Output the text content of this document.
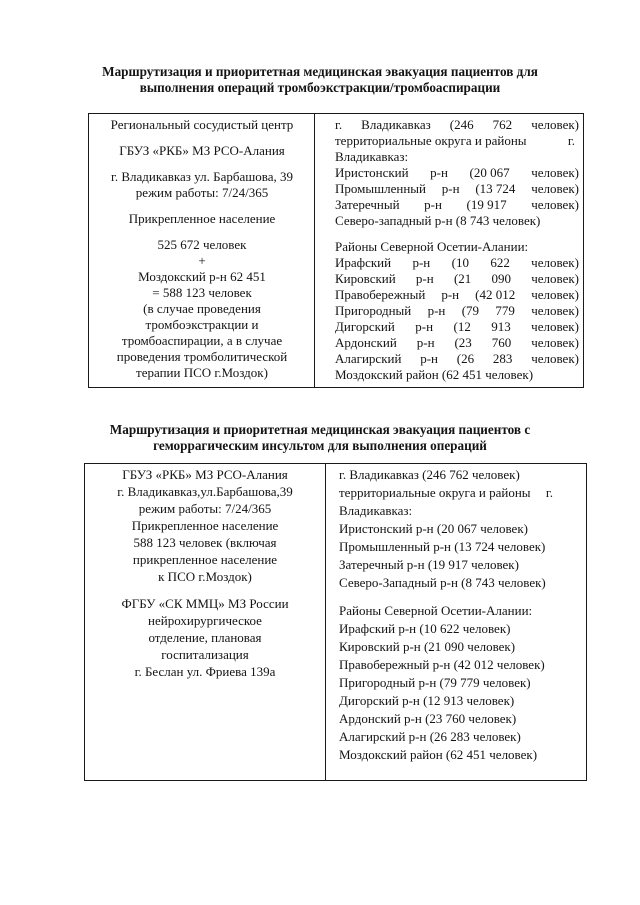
Маршрутизация и приоритетная медицинская эвакуация пациентов для
выполнения операций тромбоэкстракции/тромбоаспирации
Региональный сосудистый центр
ГБУЗ «РКБ» МЗ РСО-Алания
г. Владикавказ ул. Барбашова, 39
режим работы: 7/24/365
Прикрепленное население
525 672 человек
+
Моздокский р-н 62 451
= 588 123 человек
(в случае проведения
тромбоэкстракции и
тромбоаспирации, а в случае
проведения тромболитической
терапии ПСО г.Моздок)
г. Владикавказ (246 762 человек)
территориальные округа и районы	г.
Владикавказ:
Иристонский р-н (20 067 человек)
Промышленный р-н (13 724 человек)
Затеречный р-н (19 917 человек)
Северо-западный р-н (8 743 человек)
Районы Северной Осетии-Алании:
Ирафский р-н (10 622 человек)
Кировский р-н (21 090 человек)
Правобережный р-н (42 012 человек)
Пригородный р-н (79 779 человек)
Дигорский р-н (12 913 человек)
Ардонский р-н (23 760 человек)
Алагирский р-н (26 283 человек)
Моздокский район (62 451 человек)
Маршрутизация и приоритетная медицинская эвакуация пациентов с
геморрагическим инсультом для выполнения операций
ГБУЗ «РКБ» МЗ РСО-Алания
г. Владикавказ,ул.Барбашова,39
режим работы: 7/24/365
Прикрепленное население
588 123 человек (включая
прикрепленное население
к ПСО г.Моздок)
ФГБУ «СК ММЦ» МЗ России
нейрохирургическое
отделение, плановая
госпитализация
г. Беслан ул. Фриева 139а
г. Владикавказ (246 762 человек)
территориальные округа и районы г.
Владикавказ:
Иристонский р-н (20 067 человек)
Промышленный р-н (13 724 человек)
Затеречный р-н (19 917 человек)
Северо-Западный р-н (8 743 человек)
Районы Северной Осетии-Алании:
Ирафский р-н (10 622 человек)
Кировский р-н (21 090 человек)
Правобережный р-н (42 012 человек)
Пригородный р-н (79 779 человек)
Дигорский р-н (12 913 человек)
Ардонский р-н (23 760 человек)
Алагирский р-н (26 283 человек)
Моздокский район (62 451 человек)
